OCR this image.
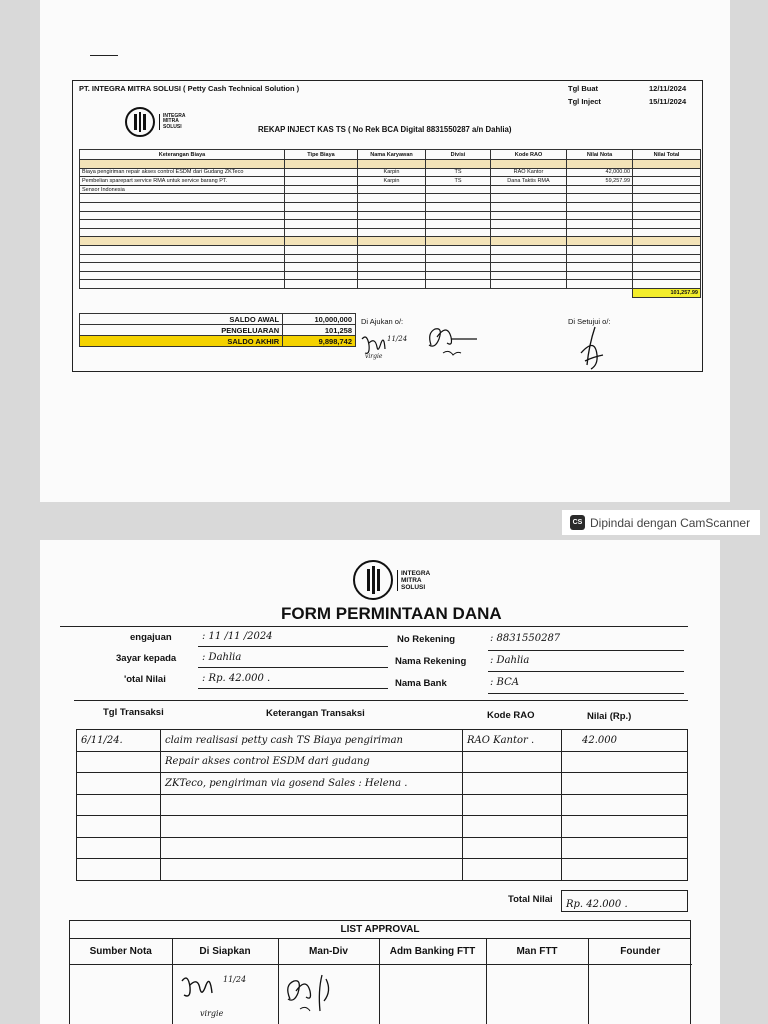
PT. INTEGRA MITRA SOLUSI ( Petty Cash Technical Solution )	Tgl Buat	12/11/2024
Tgl Inject	15/11/2024
INTEGRA
MITRA
SOLUSI	REKAP INJECT KAS TS ( No Rek BCA Digital 8831550287 a/n Dahlia)
Keterangan Biaya	Tipe Biaya	Nama Karyawan	Divisi	Kode RAO	Nilai Nota	Nilai Total

Biaya pengiriman repair akses control ESDM dari Gudang ZKTeco		Karpin	TS	RAO Kantor	42,000.00	
Pembelian sparepart service RMA untuk service barang PT.		Karpin	TS	Dana Taktis RMA	59,257.99	
Sensor Indonesia						

						101,257.99
SALDO AWAL	10,000,000
PENGELUARAN	101,258
SALDO AKHIR	9,898,742
Di Ajukan o/:	Di Setujui o/:
11/24
virgie
CS Dipindai dengan CamScanner
INTEGRA
MITRA
SOLUSI
FORM PERMINTAAN DANA
engajuan	: 11 /11 /2024
3ayar kepada	: Dahlia
'otal Nilai	: Rp. 42.000 .
No Rekening	: 8831550287
Nama Rekening : Dahlia
Nama Bank	: BCA
Tgl Transaksi	Keterangan Transaksi	Kode RAO	Nilai (Rp.)
6/11/24.	claim realisasi petty cash TS Biaya pengiriman	RAO Kantor .	42.000
	Repair akses control ESDM dari gudang		
	ZKTeco, pengiriman via gosend Sales : Helena .		

Total Nilai	Rp. 42.000 .
LIST APPROVAL
Sumber Nota	Di Siapkan	Man-Div	Adm Banking FTT	Man FTT	Founder

11/24
virgie
